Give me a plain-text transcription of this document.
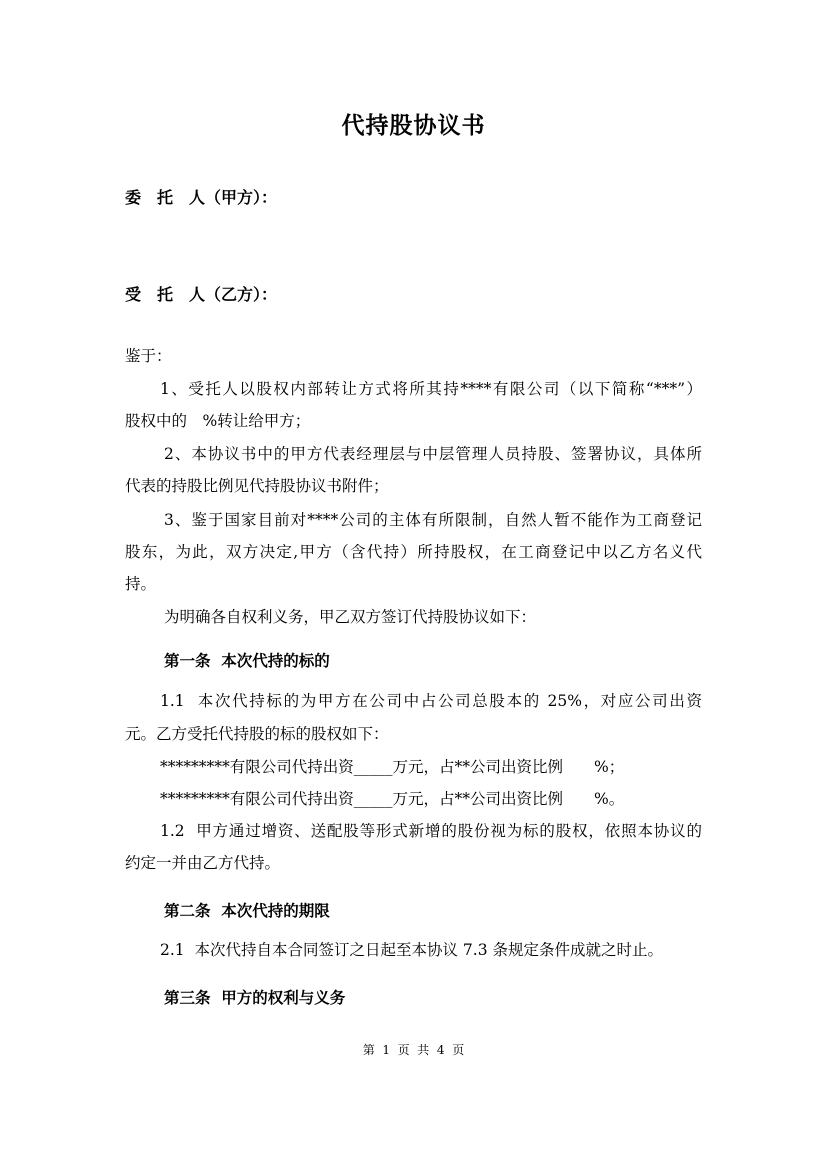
代持股协议书
委　托　人（甲方）：
受　托　人（乙方）：
鉴于：
1、受托人以股权内部转让方式将所其持****有限公司（以下简称“***”）
股权中的　%转让给甲方；
2、本协议书中的甲方代表经理层与中层管理人员持股、签署协议，具体所
代表的持股比例见代持股协议书附件；
3、鉴于国家目前对****公司的主体有所限制，自然人暂不能作为工商登记
股东，为此，双方决定,甲方（含代持）所持股权，在工商登记中以乙方名义代
持。
为明确各自权利义务，甲乙双方签订代持股协议如下：
第一条  本次代持的标的
1.1  本次代持标的为甲方在公司中占公司总股本的 25%，对应公司出资
元。乙方受托代持股的标的股权如下：
*********有限公司代持出资_____万元，占**公司出资比例　　%；
*********有限公司代持出资_____万元，占**公司出资比例　　%。
1.2  甲方通过增资、送配股等形式新增的股份视为标的股权，依照本协议的
约定一并由乙方代持。
第二条  本次代持的期限
2.1  本次代持自本合同签订之日起至本协议 7.3 条规定条件成就之时止。
第三条  甲方的权利与义务
第  1  页  共  4  页
